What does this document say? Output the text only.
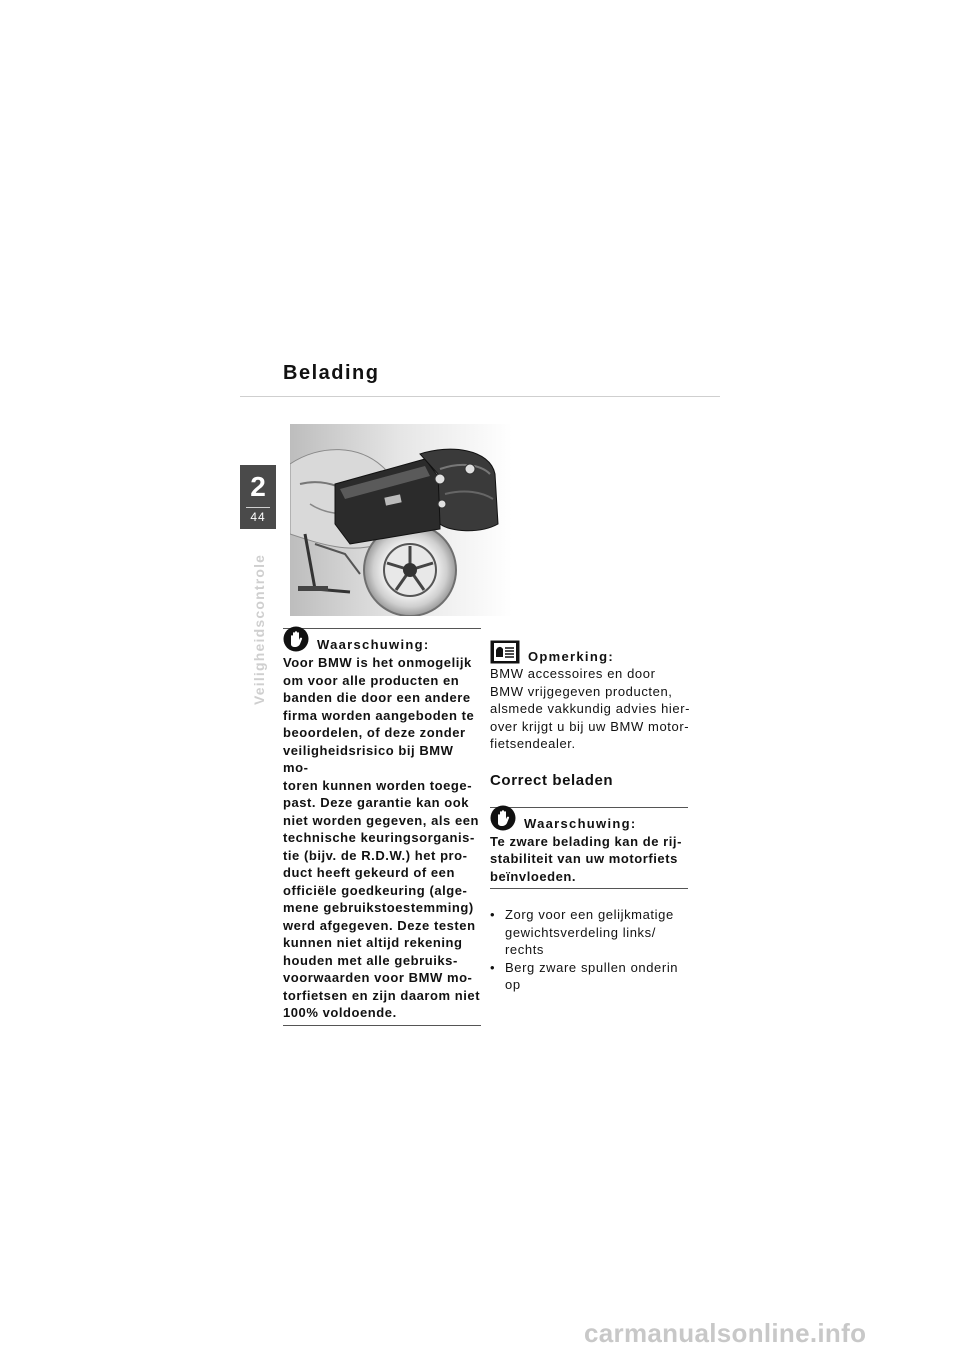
Belading
2
44
Veiligheidscontrole	Waarschuwing:

Voor BMW is het onmogelijk
om voor alle producten en
banden die door een andere
firma worden aangeboden te
beoordelen, of deze zonder
veiligheidsrisico bij BMW mo-
toren kunnen worden toege-
past. Deze garantie kan ook
niet worden gegeven, als een
technische keuringsorganis-
tie (bijv. de R.D.W.) het pro-
duct heeft gekeurd of een
officiële goedkeuring (alge-
mene gebruikstoestemming)
werd afgegeven. Deze testen
kunnen niet altijd rekening
houden met alle gebruiks-
voorwaarden voor BMW mo-
torfietsen en zijn daarom niet
100% voldoende.

Opmerking:

BMW accessoires en door
BMW vrijgegeven producten,
alsmede vakkundig advies hier-
over krijgt u bij uw BMW motor-
fietsendealer.

Correct beladen
Waarschuwing:

Te zware belading kan de rij-
stabiliteit van uw motorfiets
beïnvloeden.

• Zorg voor een gelijkmatige
gewichtsverdeling links/
rechts
• Berg zware spullen onderin
op
carmanualsonline.info
